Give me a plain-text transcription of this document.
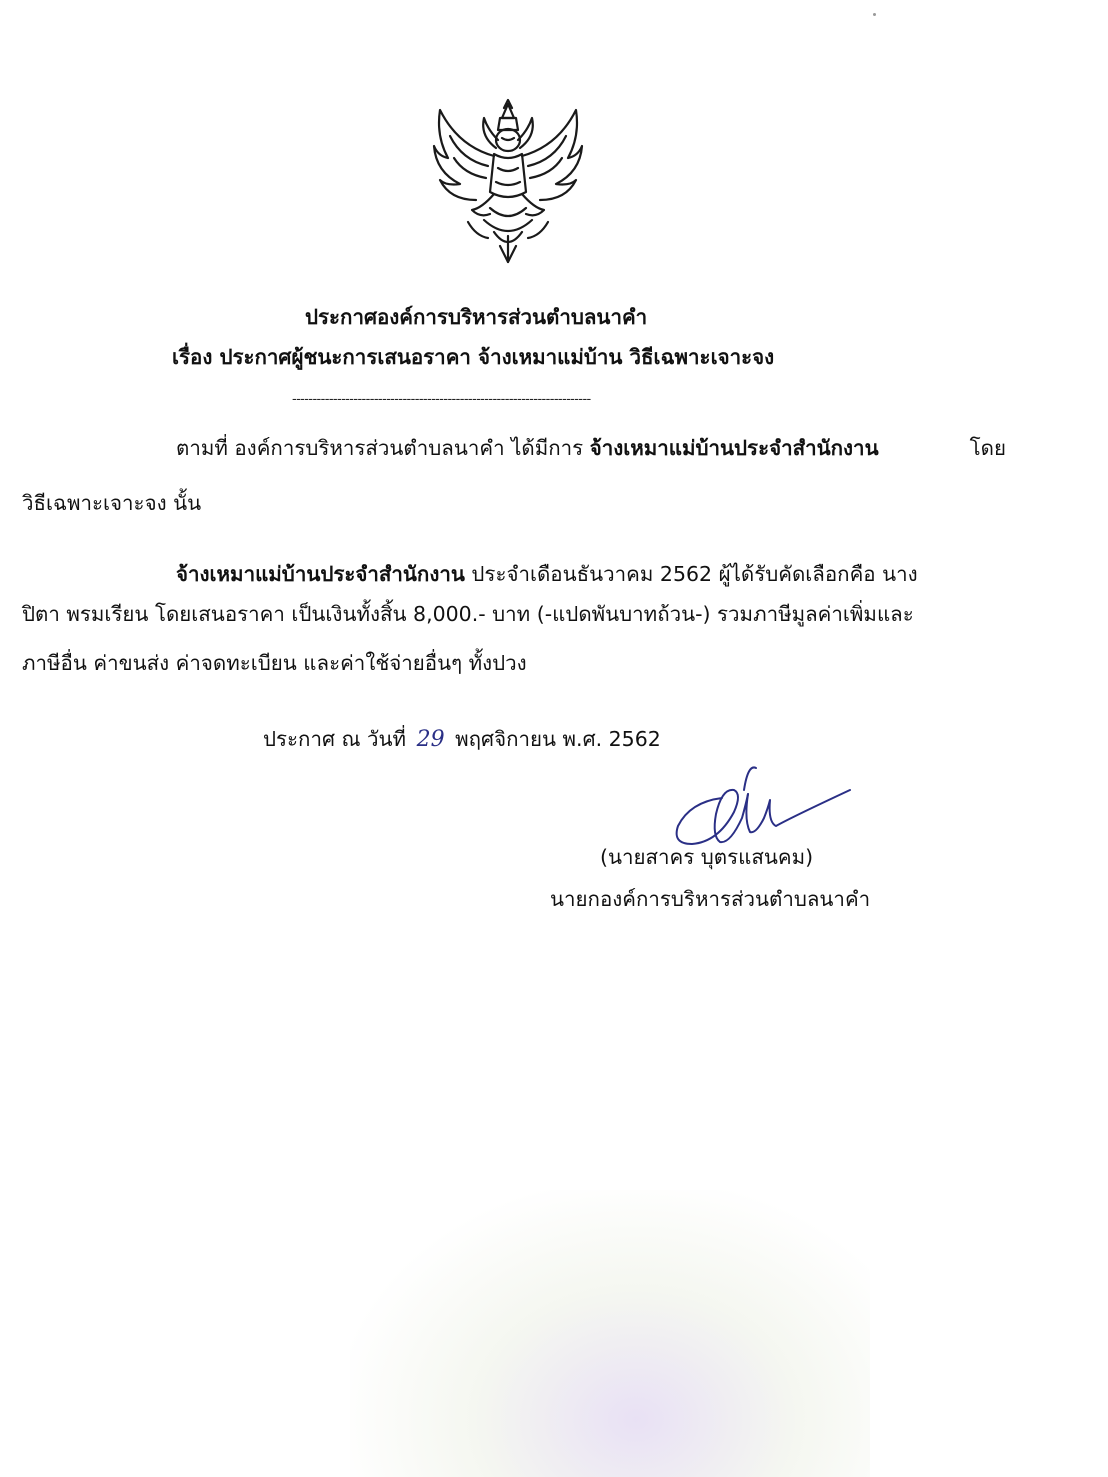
ประกาศองค์การบริหารส่วนตำบลนาคำ
เรื่อง ประกาศผู้ชนะการเสนอราคา จ้างเหมาแม่บ้าน วิธีเฉพาะเจาะจง
-------------------------------------------------------------------------
ตามที่ องค์การบริหารส่วนตำบลนาคำ ได้มีการ จ้างเหมาแม่บ้านประจำสำนักงาน	โดย
วิธีเฉพาะเจาะจง นั้น
จ้างเหมาแม่บ้านประจำสำนักงาน ประจำเดือนธันวาคม 2562 ผู้ได้รับคัดเลือกคือ นาง
ปิตา พรมเรียน โดยเสนอราคา เป็นเงินทั้งสิ้น 8,000.- บาท (-แปดพันบาทถ้วน-) รวมภาษีมูลค่าเพิ่มและ
ภาษีอื่น ค่าขนส่ง ค่าจดทะเบียน และค่าใช้จ่ายอื่นๆ ทั้งปวง
ประกาศ ณ วันที่ 29 พฤศจิกายน พ.ศ. 2562
(นายสาคร บุตรแสนคม)
นายกองค์การบริหารส่วนตำบลนาคำ
